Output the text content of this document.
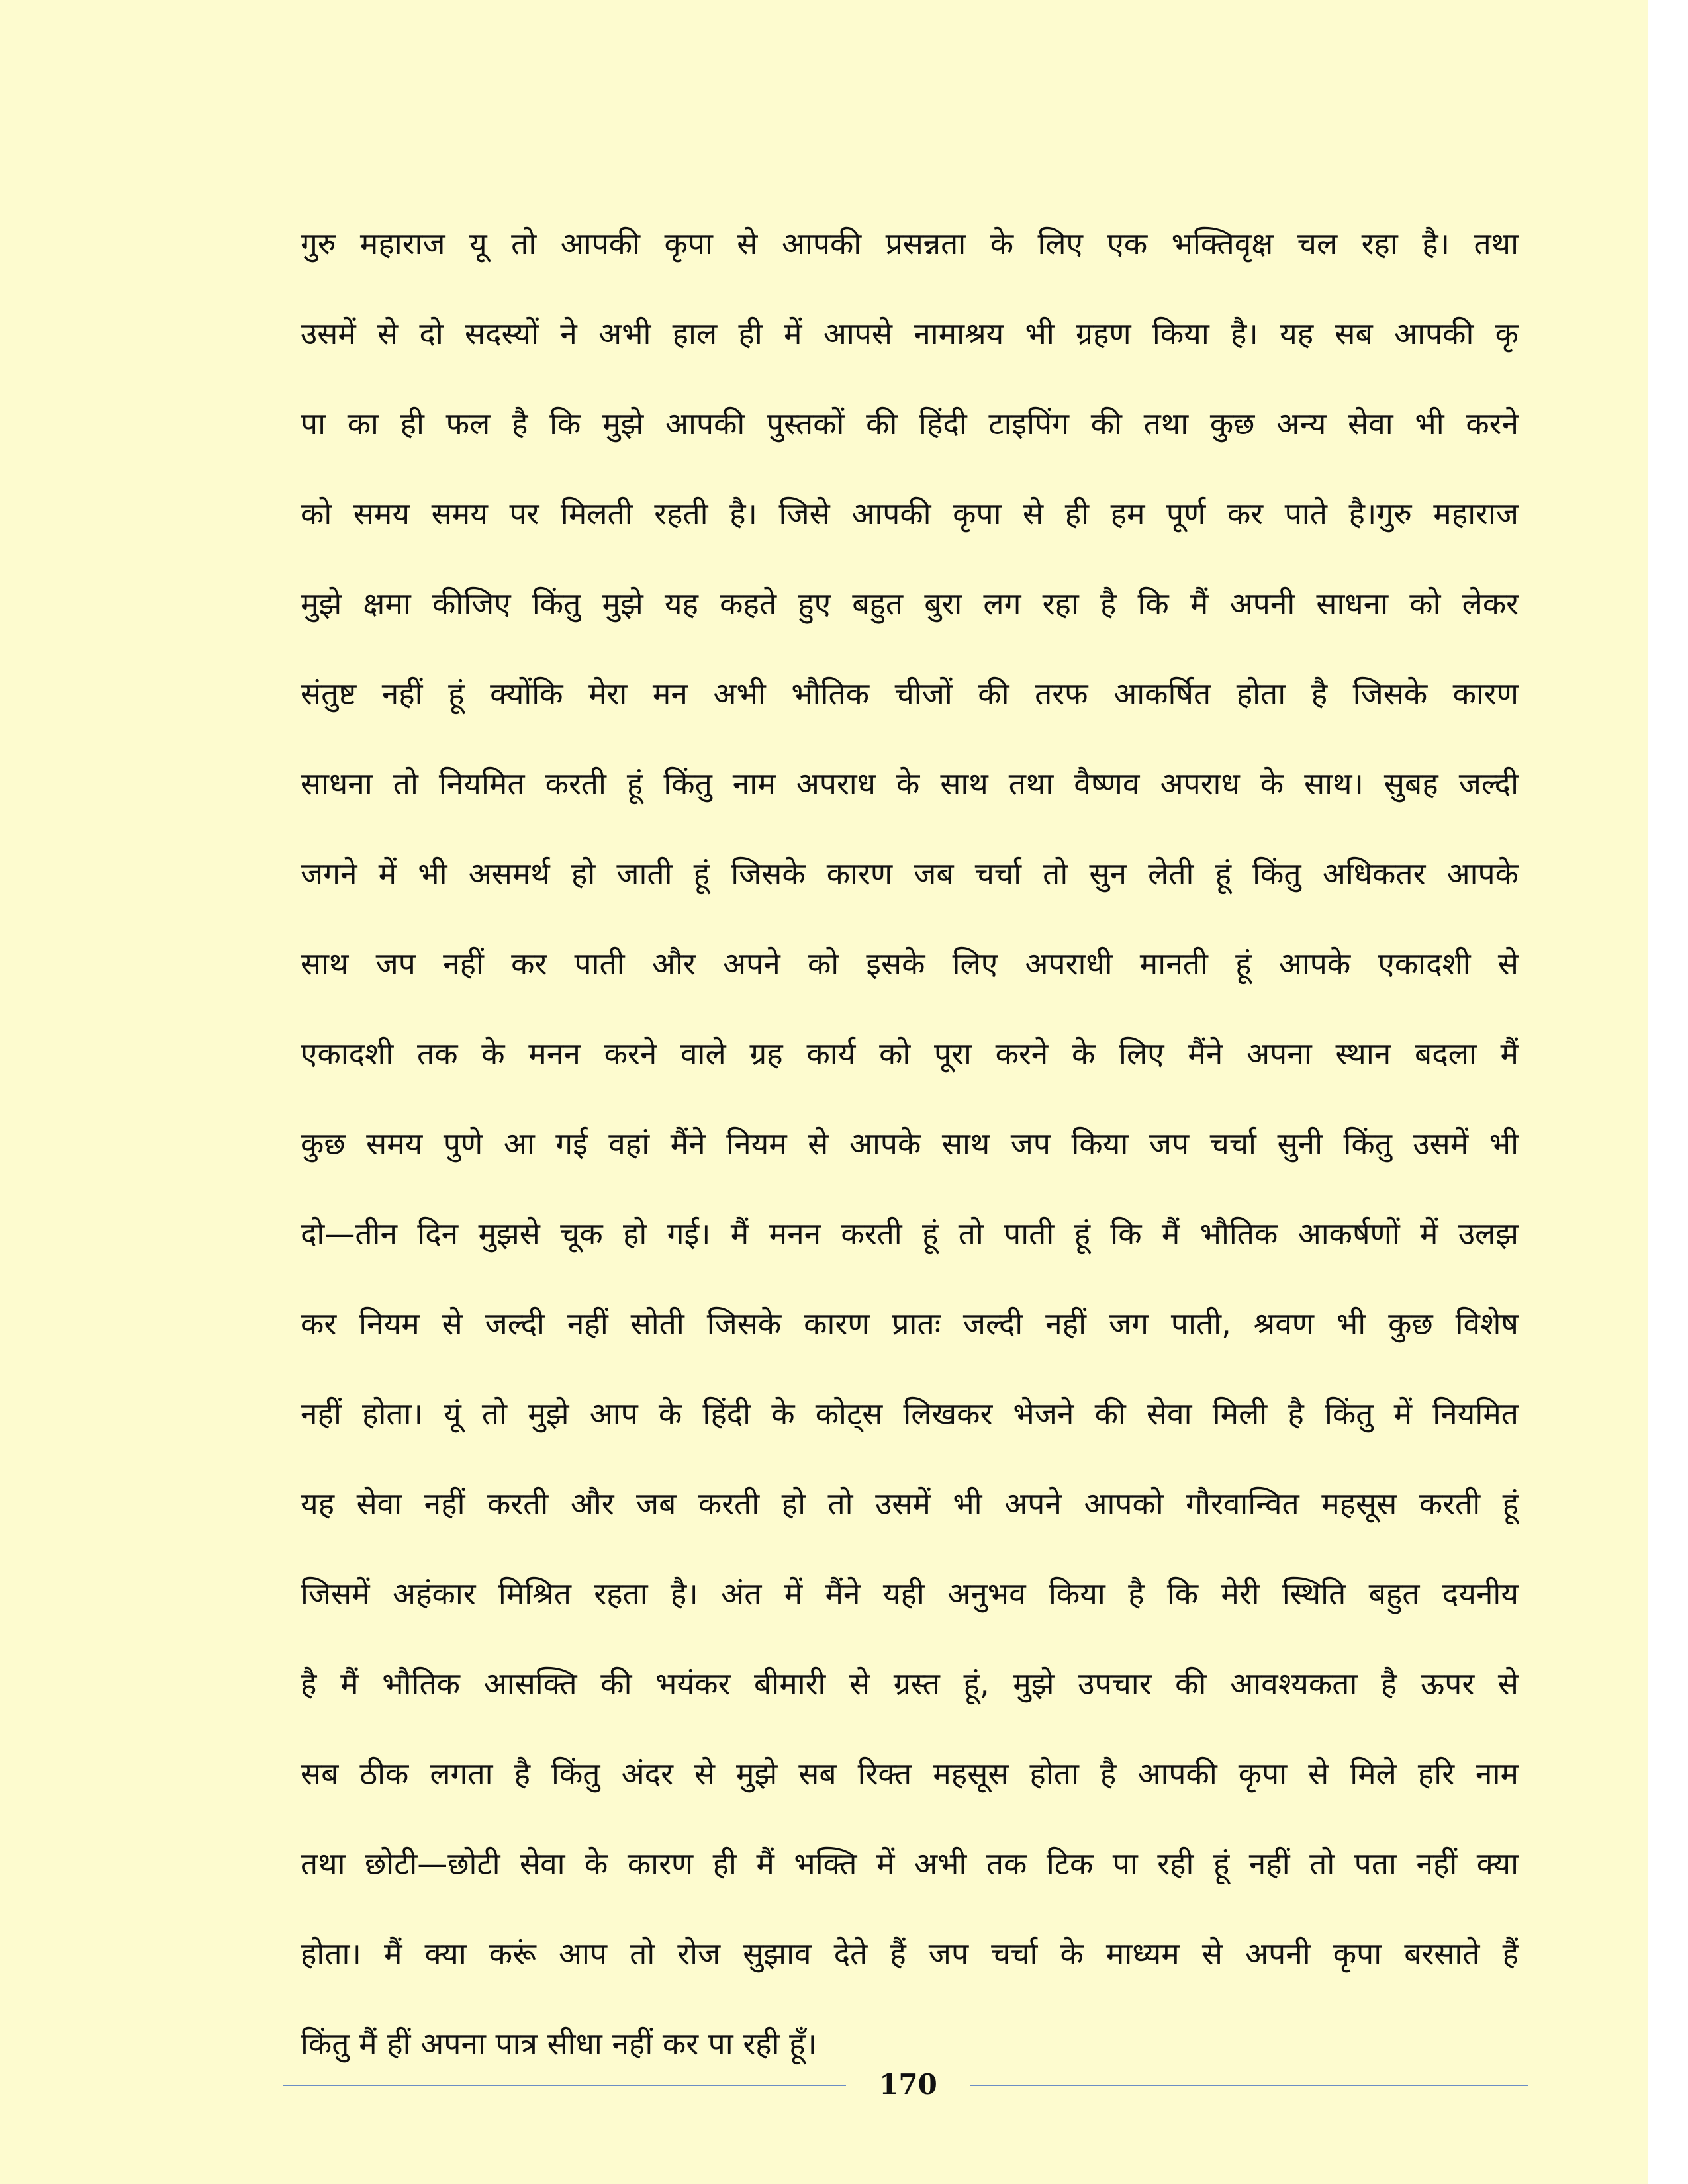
गुरु महाराज यू तो आपकी कृपा से आपकी प्रसन्नता के लिए एक भक्तिवृक्ष चल रहा है। तथा
उसमें से दो सदस्यों ने अभी हाल ही में आपसे नामाश्रय भी ग्रहण किया है। यह सब आपकी कृ
पा का ही फल है कि मुझे आपकी पुस्तकों की हिंदी टाइपिंग की तथा कुछ अन्य सेवा भी करने
को समय समय पर मिलती रहती है। जिसे आपकी कृपा से ही हम पूर्ण कर पाते है।गुरु महाराज
मुझे क्षमा कीजिए किंतु मुझे यह कहते हुए बहुत बुरा लग रहा है कि मैं अपनी साधना को लेकर
संतुष्ट नहीं हूं क्योंकि मेरा मन अभी भौतिक चीजों की तरफ आकर्षित होता है जिसके कारण
साधना तो नियमित करती हूं किंतु नाम अपराध के साथ तथा वैष्णव अपराध के साथ। सुबह जल्दी
जगने में भी असमर्थ हो जाती हूं जिसके कारण जब चर्चा तो सुन लेती हूं किंतु अधिकतर आपके
साथ जप नहीं कर पाती और अपने को इसके लिए अपराधी मानती हूं आपके एकादशी से
एकादशी तक के मनन करने वाले ग्रह कार्य को पूरा करने के लिए मैंने अपना स्थान बदला मैं
कुछ समय पुणे आ गई वहां मैंने नियम से आपके साथ जप किया जप चर्चा सुनी किंतु उसमें भी
दो—तीन दिन मुझसे चूक हो गई। मैं मनन करती हूं तो पाती हूं कि मैं भौतिक आकर्षणों में उलझ
कर नियम से जल्दी नहीं सोती जिसके कारण प्रातः जल्दी नहीं जग पाती, श्रवण भी कुछ विशेष
नहीं होता। यूं तो मुझे आप के हिंदी के कोट्स लिखकर भेजने की सेवा मिली है किंतु में नियमित
यह सेवा नहीं करती और जब करती हो तो उसमें भी अपने आपको गौरवान्वित महसूस करती हूं
जिसमें अहंकार मिश्रित रहता है। अंत में मैंने यही अनुभव किया है कि मेरी स्थिति बहुत दयनीय
है मैं भौतिक आसक्ति की भयंकर बीमारी से ग्रस्त हूं, मुझे उपचार की आवश्यकता है ऊपर से
सब ठीक लगता है किंतु अंदर से मुझे सब रिक्त महसूस होता है आपकी कृपा से मिले हरि नाम
तथा छोटी—छोटी सेवा के कारण ही मैं भक्ति में अभी तक टिक पा रही हूं नहीं तो पता नहीं क्या
होता। मैं क्या करूं आप तो रोज सुझाव देते हैं जप चर्चा के माध्यम से अपनी कृपा बरसाते हैं
किंतु मैं हीं अपना पात्र सीधा नहीं कर पा रही हूँ।
170
